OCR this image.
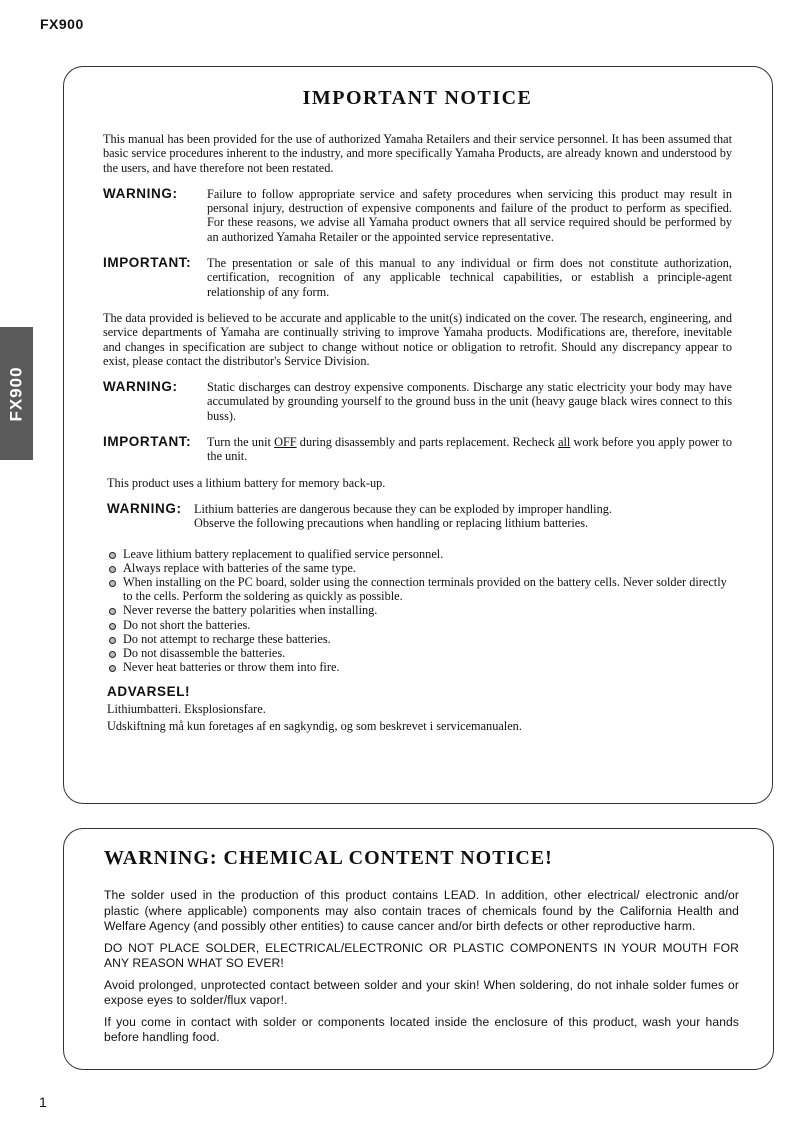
FX900
FX900
IMPORTANT NOTICE

This manual has been provided for the use of authorized Yamaha Retailers and their service personnel. It has been assumed that basic service procedures inherent to the industry, and more specifically Yamaha Products, are already known and understood by the users, and have therefore not been restated.

WARNING:	Failure to follow appropriate service and safety procedures when servicing this product may result in personal injury, destruction of expensive components and failure of the product to perform as specified. For these reasons, we advise all Yamaha product owners that all service required should be performed by an authorized Yamaha Retailer or the appointed service representative.

IMPORTANT:	The presentation or sale of this manual to any individual or firm does not constitute authorization, certification, recognition of any applicable technical capabilities, or establish a principle-agent relationship of any form.

The data provided is believed to be accurate and applicable to the unit(s) indicated on the cover. The research, engineering, and service departments of Yamaha are continually striving to improve Yamaha products. Modifications are, therefore, inevitable and changes in specification are subject to change without notice or obligation to retrofit. Should any discrepancy appear to exist, please contact the distributor's Service Division.

WARNING:	Static discharges can destroy expensive components. Discharge any static electricity your body may have accumulated by grounding yourself to the ground buss in the unit (heavy gauge black wires connect to this buss).

IMPORTANT:	Turn the unit OFF during disassembly and parts replacement. Recheck all work before you apply power to the unit.

This product uses a lithium battery for memory back-up.

WARNING:	Lithium batteries are dangerous because they can be exploded by improper handling.
Observe the following precautions when handling or replacing lithium batteries.
Leave lithium battery replacement to qualified service personnel.
Always replace with batteries of the same type.
When installing on the PC board, solder using the connection terminals provided on the battery cells. Never solder directly to the cells. Perform the soldering as quickly as possible.
Never reverse the battery polarities when installing.
Do not short the batteries.
Do not attempt to recharge these batteries.
Do not disassemble the batteries.
Never heat batteries or throw them into fire.
ADVARSEL!
Lithiumbatteri. Eksplosionsfare.
Udskiftning må kun foretages af en sagkyndig, og som beskrevet i servicemanualen.
WARNING: CHEMICAL CONTENT NOTICE!

The solder used in the production of this product contains LEAD. In addition, other electrical/ electronic and/or plastic (where applicable) components may also contain traces of chemicals found by the California Health and Welfare Agency (and possibly other entities) to cause cancer and/or birth defects or other reproductive harm.

DO NOT PLACE SOLDER, ELECTRICAL/ELECTRONIC OR PLASTIC COMPONENTS IN YOUR MOUTH FOR ANY REASON WHAT SO EVER!

Avoid prolonged, unprotected contact between solder and your skin! When soldering, do not inhale solder fumes or expose eyes to solder/flux vapor!.

If you come in contact with solder or components located inside the enclosure of this product, wash your hands before handling food.

1
